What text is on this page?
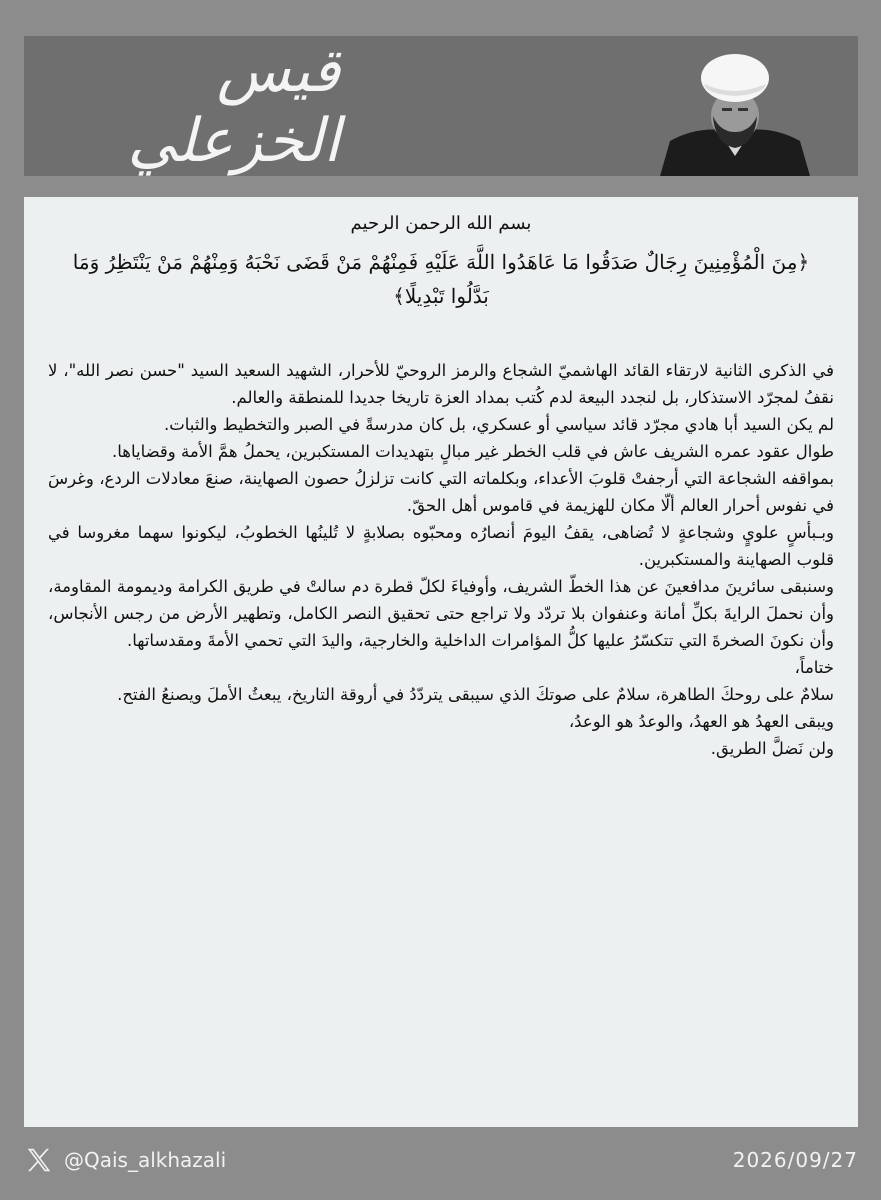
قيس الخزعلي
بسم الله الرحمن الرحيم
﴿مِنَ الْمُؤْمِنِينَ رِجَالٌ صَدَقُوا مَا عَاهَدُوا اللَّهَ عَلَيْهِ فَمِنْهُمْ مَنْ قَضَى نَحْبَهُ وَمِنْهُمْ مَنْ يَنْتَظِرُ وَمَا بَدَّلُوا تَبْدِيلًا﴾

في الذكرى الثانية لارتقاء القائد الهاشميّ الشجاع والرمز الروحيّ للأحرار، الشهيد السعيد السيد "حسن نصر الله"، لا نقفُ لمجرّد الاستذكار، بل لنجدد البيعة لدم كُتب بمداد العزة تاريخا جديدا للمنطقة والعالم.

لم يكن السيد أبا هادي مجرّد قائد سياسي أو عسكري، بل كان مدرسةً في الصبر والتخطيط والثبات.

طوال عقود عمره الشريف عاش في قلب الخطر غير مبالٍ بتهديدات المستكبرين، يحملُ همَّ الأمة وقضاياها.

بمواقفه الشجاعة التي أرجفتْ قلوبَ الأعداء، وبكلماته التي كانت تزلزلُ حصون الصهاينة، صنعَ معادلات الردع، وغرسَ في نفوس أحرار العالم ألّا مكان للهزيمة في قاموس أهل الحقّ.

وبـبأسٍ علويٍ وشجاعةٍ لا تُضاهى، يقفُ اليومَ أنصارُه ومحبّوه بصلابةٍ لا تُلينُها الخطوبُ، ليكونوا سهما مغروسا في قلوب الصهاينة والمستكبرين.

وسنبقى سائرينَ مدافعينَ عن هذا الخطّ الشريف، وأوفياءَ لكلّ قطرة دم سالتْ في طريق الكرامة وديمومة المقاومة، وأن نحملَ الرايةَ بكلِّ أمانة وعنفوان بلا تردّد ولا تراجع حتى تحقيق النصر الكامل، وتطهير الأرض من رجس الأنجاس، وأن نكونَ الصخرةَ التي تتكسّرُ عليها كلُّ المؤامرات الداخلية والخارجية، واليدَ التي تحمي الأمةَ ومقدساتها.

ختاماً،

سلامٌ على روحكَ الطاهرة، سلامٌ على صوتكَ الذي سيبقى يتردّدُ في أروقة التاريخ، يبعثُ الأملَ ويصنعُ الفتح.

ويبقى العهدُ هو العهدُ، والوعدُ هو الوعدُ،

ولن نَضلَّ الطريق.

@Qais_alkhazali	2026/09/27
